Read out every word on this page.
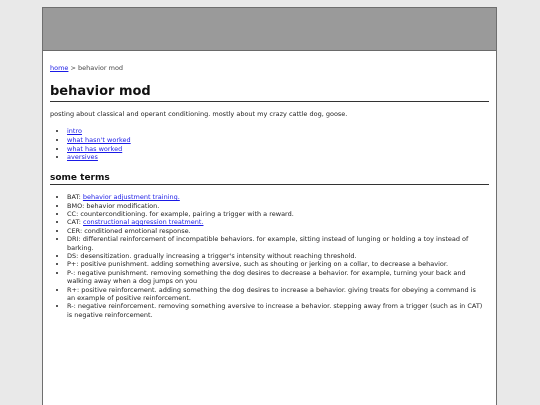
home > behavior mod
behavior mod

posting about classical and operant conditioning. mostly about my crazy cattle dog, goose.

• intro
• what hasn't worked
• what has worked
• aversives
some terms
• BAT: behavior adjustment training.
• BMO: behavior modification.
• CC: counterconditioning. for example, pairing a trigger with a reward.
• CAT: constructional aggression treatment.
• CER: conditioned emotional response.
• DRI: differential reinforcement of incompatible behaviors. for example, sitting instead of lunging or holding a toy instead of barking.
• DS: desensitization. gradually increasing a trigger's intensity without reaching threshold.
• P+: positive punishment. adding something aversive, such as shouting or jerking on a collar, to decrease a behavior.
• P-: negative punishment. removing something the dog desires to decrease a behavior. for example, turning your back and walking away when a dog jumps on you
• R+: positive reinforcement. adding something the dog desires to increase a behavior. giving treats for obeying a command is an example of positive reinforcement.
• R-: negative reinforcement. removing something aversive to increase a behavior. stepping away from a trigger (such as in CAT) is negative reinforcement.
